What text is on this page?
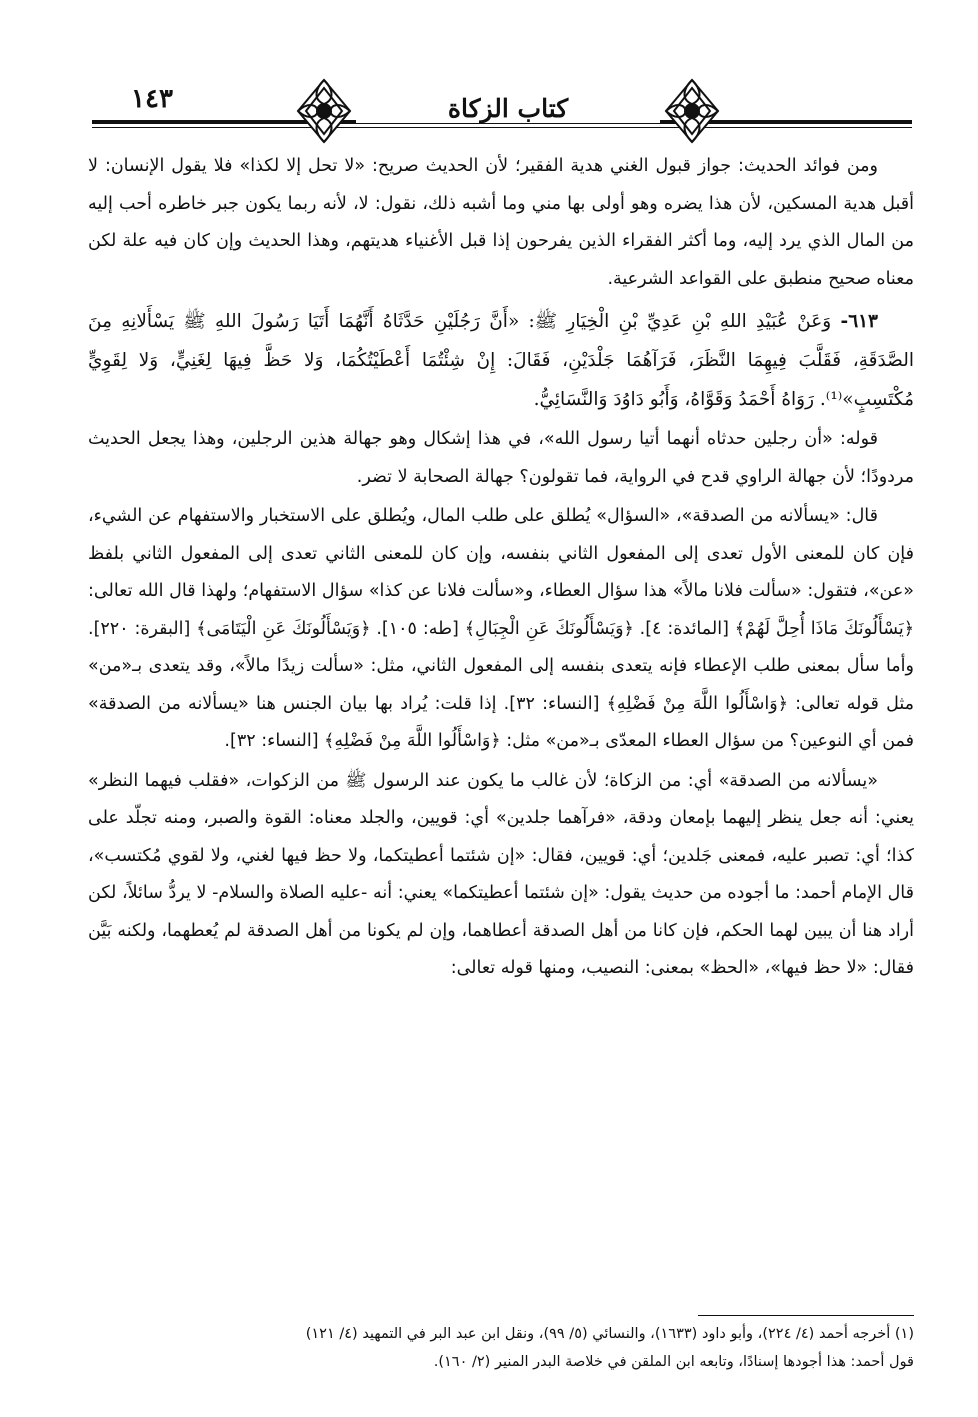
١٤٣	كتاب الزكاة

ومن فوائد الحديث: جواز قبول الغني هدية الفقير؛ لأن الحديث صريح: «لا تحل إلا لكذا» فلا يقول الإنسان: لا أقبل هدية المسكين، لأن هذا يضره وهو أولى بها مني وما أشبه ذلك، نقول: لا، لأنه ربما يكون جبر خاطره أحب إليه من المال الذي يرد إليه، وما أكثر الفقراء الذين يفرحون إذا قبل الأغنياء هديتهم، وهذا الحديث وإن كان فيه علة لكن معناه صحيح منطبق على القواعد الشرعية.

٦١٣- وَعَنْ عُبَيْدِ اللهِ بْنِ عَدِيِّ بْنِ الْخِيَارِ ﷺ: «أَنَّ رَجُلَيْنِ حَدَّثَاهُ أَنَّهُمَا أَتَيَا رَسُولَ اللهِ ﷺ يَسْأَلانِهِ مِنَ الصَّدَقَةِ، فَقَلَّبَ فِيهِمَا النَّظَرَ، فَرَآهُمَا جَلْدَيْنِ، فَقَالَ: إِنْ شِئْتُمَا أَعْطَيْتُكُمَا، وَلا حَظَّ فِيهَا لِغَنِيٍّ، وَلا لِقَوِيٍّ مُكْتَسِبٍ»⁽¹⁾. رَوَاهُ أَحْمَدُ وَقَوَّاهُ، وَأَبُو دَاوُدَ وَالنَّسَائِيُّ.

قوله: «أن رجلين حدثاه أنهما أتيا رسول الله»، في هذا إشكال وهو جهالة هذين الرجلين، وهذا يجعل الحديث مردودًا؛ لأن جهالة الراوي قدح في الرواية، فما تقولون؟ جهالة الصحابة لا تضر.

قال: «يسألانه من الصدقة»، «السؤال» يُطلق على طلب المال، ويُطلق على الاستخبار والاستفهام عن الشيء، فإن كان للمعنى الأول تعدى إلى المفعول الثاني بنفسه، وإن كان للمعنى الثاني تعدى إلى المفعول الثاني بلفظ «عن»، فتقول: «سألت فلانا مالاً» هذا سؤال العطاء، و«سألت فلانا عن كذا» سؤال الاستفهام؛ ولهذا قال الله تعالى: ﴿يَسْأَلُونَكَ مَاذَا أُحِلَّ لَهُمْ﴾ [المائدة: ٤]. ﴿وَيَسْأَلُونَكَ عَنِ الْجِبَالِ﴾ [طه: ١٠٥]. ﴿وَيَسْأَلُونَكَ عَنِ الْيَتَامَى﴾ [البقرة: ٢٢٠]. وأما سأل بمعنى طلب الإعطاء فإنه يتعدى بنفسه إلى المفعول الثاني، مثل: «سألت زيدًا مالاً»، وقد يتعدى بـ«من» مثل قوله تعالى: ﴿وَاسْأَلُوا اللَّهَ مِنْ فَضْلِهِ﴾ [النساء: ٣٢]. إذا قلت: يُراد بها بيان الجنس هنا «يسألانه من الصدقة» فمن أي النوعين؟ من سؤال العطاء المعدّى بـ«من» مثل: ﴿وَاسْأَلُوا اللَّهَ مِنْ فَضْلِهِ﴾ [النساء: ٣٢].

«يسألانه من الصدقة» أي: من الزكاة؛ لأن غالب ما يكون عند الرسول ﷺ من الزكوات، «فقلب فيهما النظر» يعني: أنه جعل ينظر إليهما بإمعان ودقة، «فرآهما جلدين» أي: قويين، والجلد معناه: القوة والصبر، ومنه تجلّد على كذا؛ أي: تصبر عليه، فمعنى جَلدين؛ أي: قويين، فقال: «إن شئتما أعطيتكما، ولا حظ فيها لغني، ولا لقوي مُكتسب»، قال الإمام أحمد: ما أجوده من حديث يقول: «إن شئتما أعطيتكما» يعني: أنه -عليه الصلاة والسلام- لا يردُّ سائلاً، لكن أراد هنا أن يبين لهما الحكم، فإن كانا من أهل الصدقة أعطاهما، وإن لم يكونا من أهل الصدقة لم يُعطهما، ولكنه بَيَّن فقال: «لا حظ فيها»، «الحظ» بمعنى: النصيب، ومنها قوله تعالى:

(١) أخرجه أحمد (٤/ ٢٢٤)، وأبو داود (١٦٣٣)، والنسائي (٥/ ٩٩)، ونقل ابن عبد البر في التمهيد (٤/ ١٢١)

قول أحمد: هذا أجودها إسنادًا، وتابعه ابن الملقن في خلاصة البدر المنير (٢/ ١٦٠).
